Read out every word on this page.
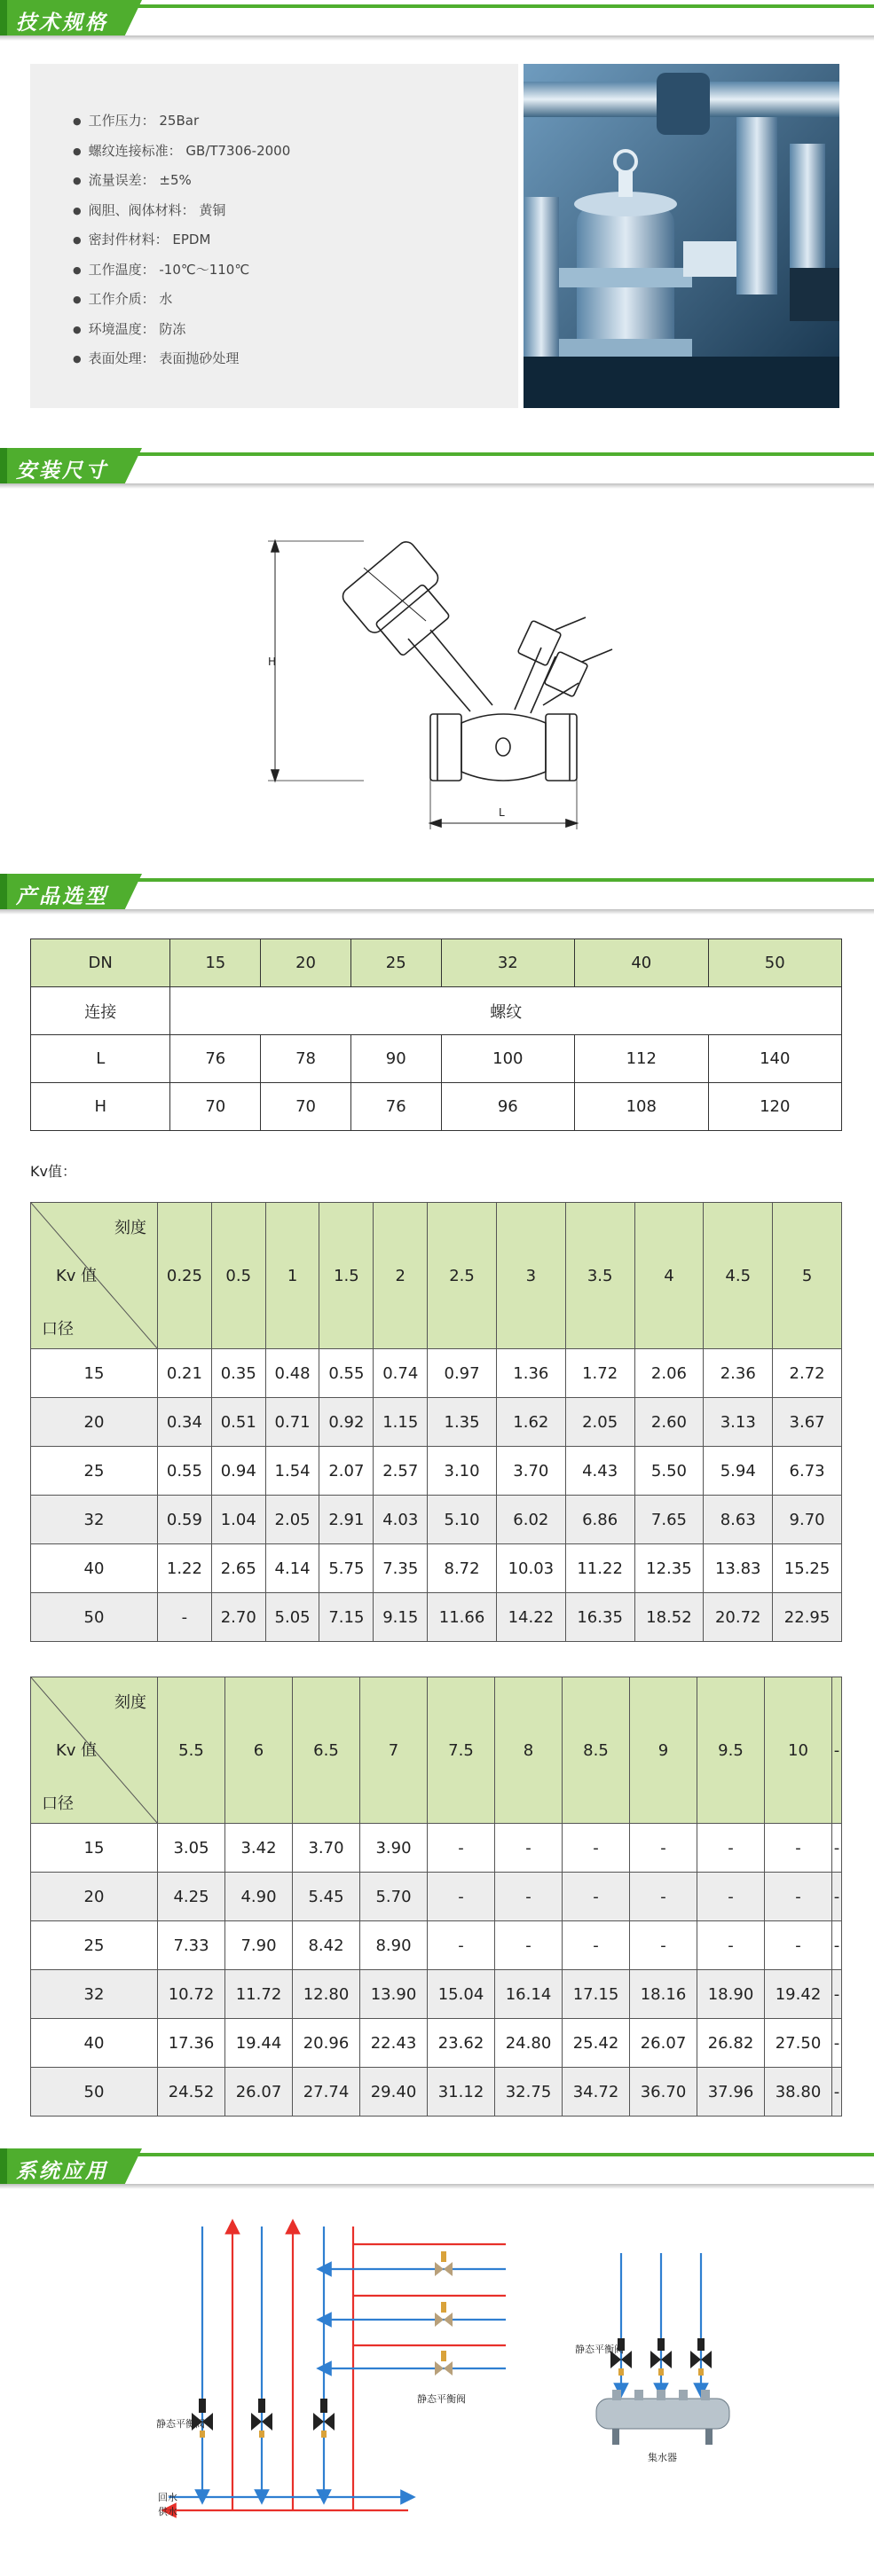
技术规格
● 工作压力： 25Bar
● 螺纹连接标准： GB/T7306-2000
● 流量误差： ±5%
● 阀胆、阀体材料： 黄铜
● 密封件材料： EPDM
● 工作温度： -10℃～110℃
● 工作介质： 水
● 环境温度： 防冻
● 表面处理： 表面抛砂处理
安装尺寸
H
L
产品选型
DN	15	20	25	32	40	50
连接	螺纹					
L	76	78	90	100	112	140
H	70	70	76	96	108	120
Kv值：
刻度
Kv 值
口径	0.25	0.5	1	1.5	2	2.5	3	3.5	4	4.5	5
15	0.21	0.35	0.48	0.55	0.74	0.97	1.36	1.72	2.06	2.36	2.72
20	0.34	0.51	0.71	0.92	1.15	1.35	1.62	2.05	2.60	3.13	3.67
25	0.55	0.94	1.54	2.07	2.57	3.10	3.70	4.43	5.50	5.94	6.73
32	0.59	1.04	2.05	2.91	4.03	5.10	6.02	6.86	7.65	8.63	9.70
40	1.22	2.65	4.14	5.75	7.35	8.72	10.03	11.22	12.35	13.83	15.25
50	-	2.70	5.05	7.15	9.15	11.66	14.22	16.35	18.52	20.72	22.95
刻度
Kv 值
口径	5.5	6	6.5	7	7.5	8	8.5	9	9.5	10	-
15	3.05	3.42	3.70	3.90	-	-	-	-	-	-	-
20	4.25	4.90	5.45	5.70	-	-	-	-	-	-	-
25	7.33	7.90	8.42	8.90	-	-	-	-	-	-	-
32	10.72	11.72	12.80	13.90	15.04	16.14	17.15	18.16	18.90	19.42	-
40	17.36	19.44	20.96	22.43	23.62	24.80	25.42	26.07	26.82	27.50	-
50	24.52	26.07	27.74	29.40	31.12	32.75	34.72	36.70	37.96	38.80	-
系统应用
静态平衡阀
静态平衡阀
静态平衡阀
回水
供水
集水器
